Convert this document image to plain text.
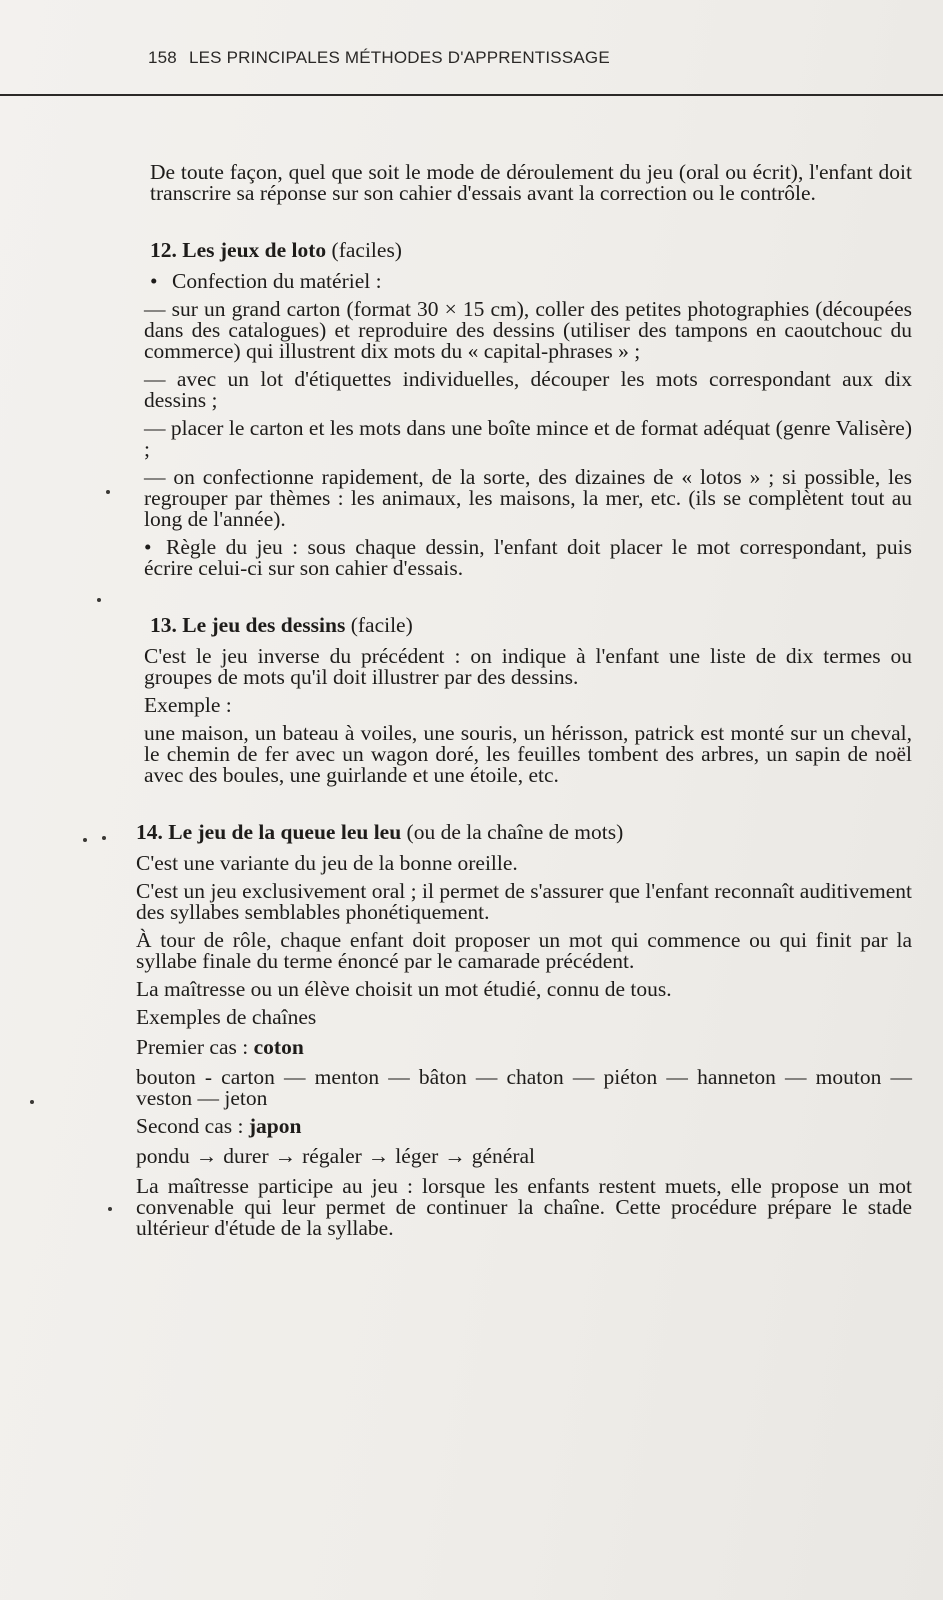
158 LES PRINCIPALES MÉTHODES D'APPRENTISSAGE

De toute façon, quel que soit le mode de déroulement du jeu (oral ou écrit), l'enfant doit transcrire sa réponse sur son cahier d'essais avant la correction ou le contrôle.

12. Les jeux de loto (faciles)

• Confection du matériel :

— sur un grand carton (format 30 × 15 cm), coller des petites photographies (découpées dans des catalogues) et reproduire des dessins (utiliser des tampons en caoutchouc du commerce) qui illustrent dix mots du « capital-phrases » ;

— avec un lot d'étiquettes individuelles, découper les mots correspondant aux dix dessins ;

— placer le carton et les mots dans une boîte mince et de format adéquat (genre Valisère) ;

— on confectionne rapidement, de la sorte, des dizaines de « lotos » ; si possible, les regrouper par thèmes : les animaux, les maisons, la mer, etc. (ils se complètent tout au long de l'année).

• Règle du jeu : sous chaque dessin, l'enfant doit placer le mot correspondant, puis écrire celui-ci sur son cahier d'essais.

13. Le jeu des dessins (facile)

C'est le jeu inverse du précédent : on indique à l'enfant une liste de dix termes ou groupes de mots qu'il doit illustrer par des dessins.

Exemple :

une maison, un bateau à voiles, une souris, un hérisson, patrick est monté sur un cheval, le chemin de fer avec un wagon doré, les feuilles tombent des arbres, un sapin de noël avec des boules, une guirlande et une étoile, etc.

14. Le jeu de la queue leu leu (ou de la chaîne de mots)

C'est une variante du jeu de la bonne oreille.

C'est un jeu exclusivement oral ; il permet de s'assurer que l'enfant reconnaît auditivement des syllabes semblables phonétiquement.

À tour de rôle, chaque enfant doit proposer un mot qui commence ou qui finit par la syllabe finale du terme énoncé par le camarade précédent.

La maîtresse ou un élève choisit un mot étudié, connu de tous.

Exemples de chaînes

Premier cas : coton

bouton - carton — menton — bâton — chaton — piéton — hanneton — mouton — veston — jeton

Second cas : japon

pondu → durer → régaler → léger → général

La maîtresse participe au jeu : lorsque les enfants restent muets, elle propose un mot convenable qui leur permet de continuer la chaîne. Cette procédure prépare le stade ultérieur d'étude de la syllabe.
